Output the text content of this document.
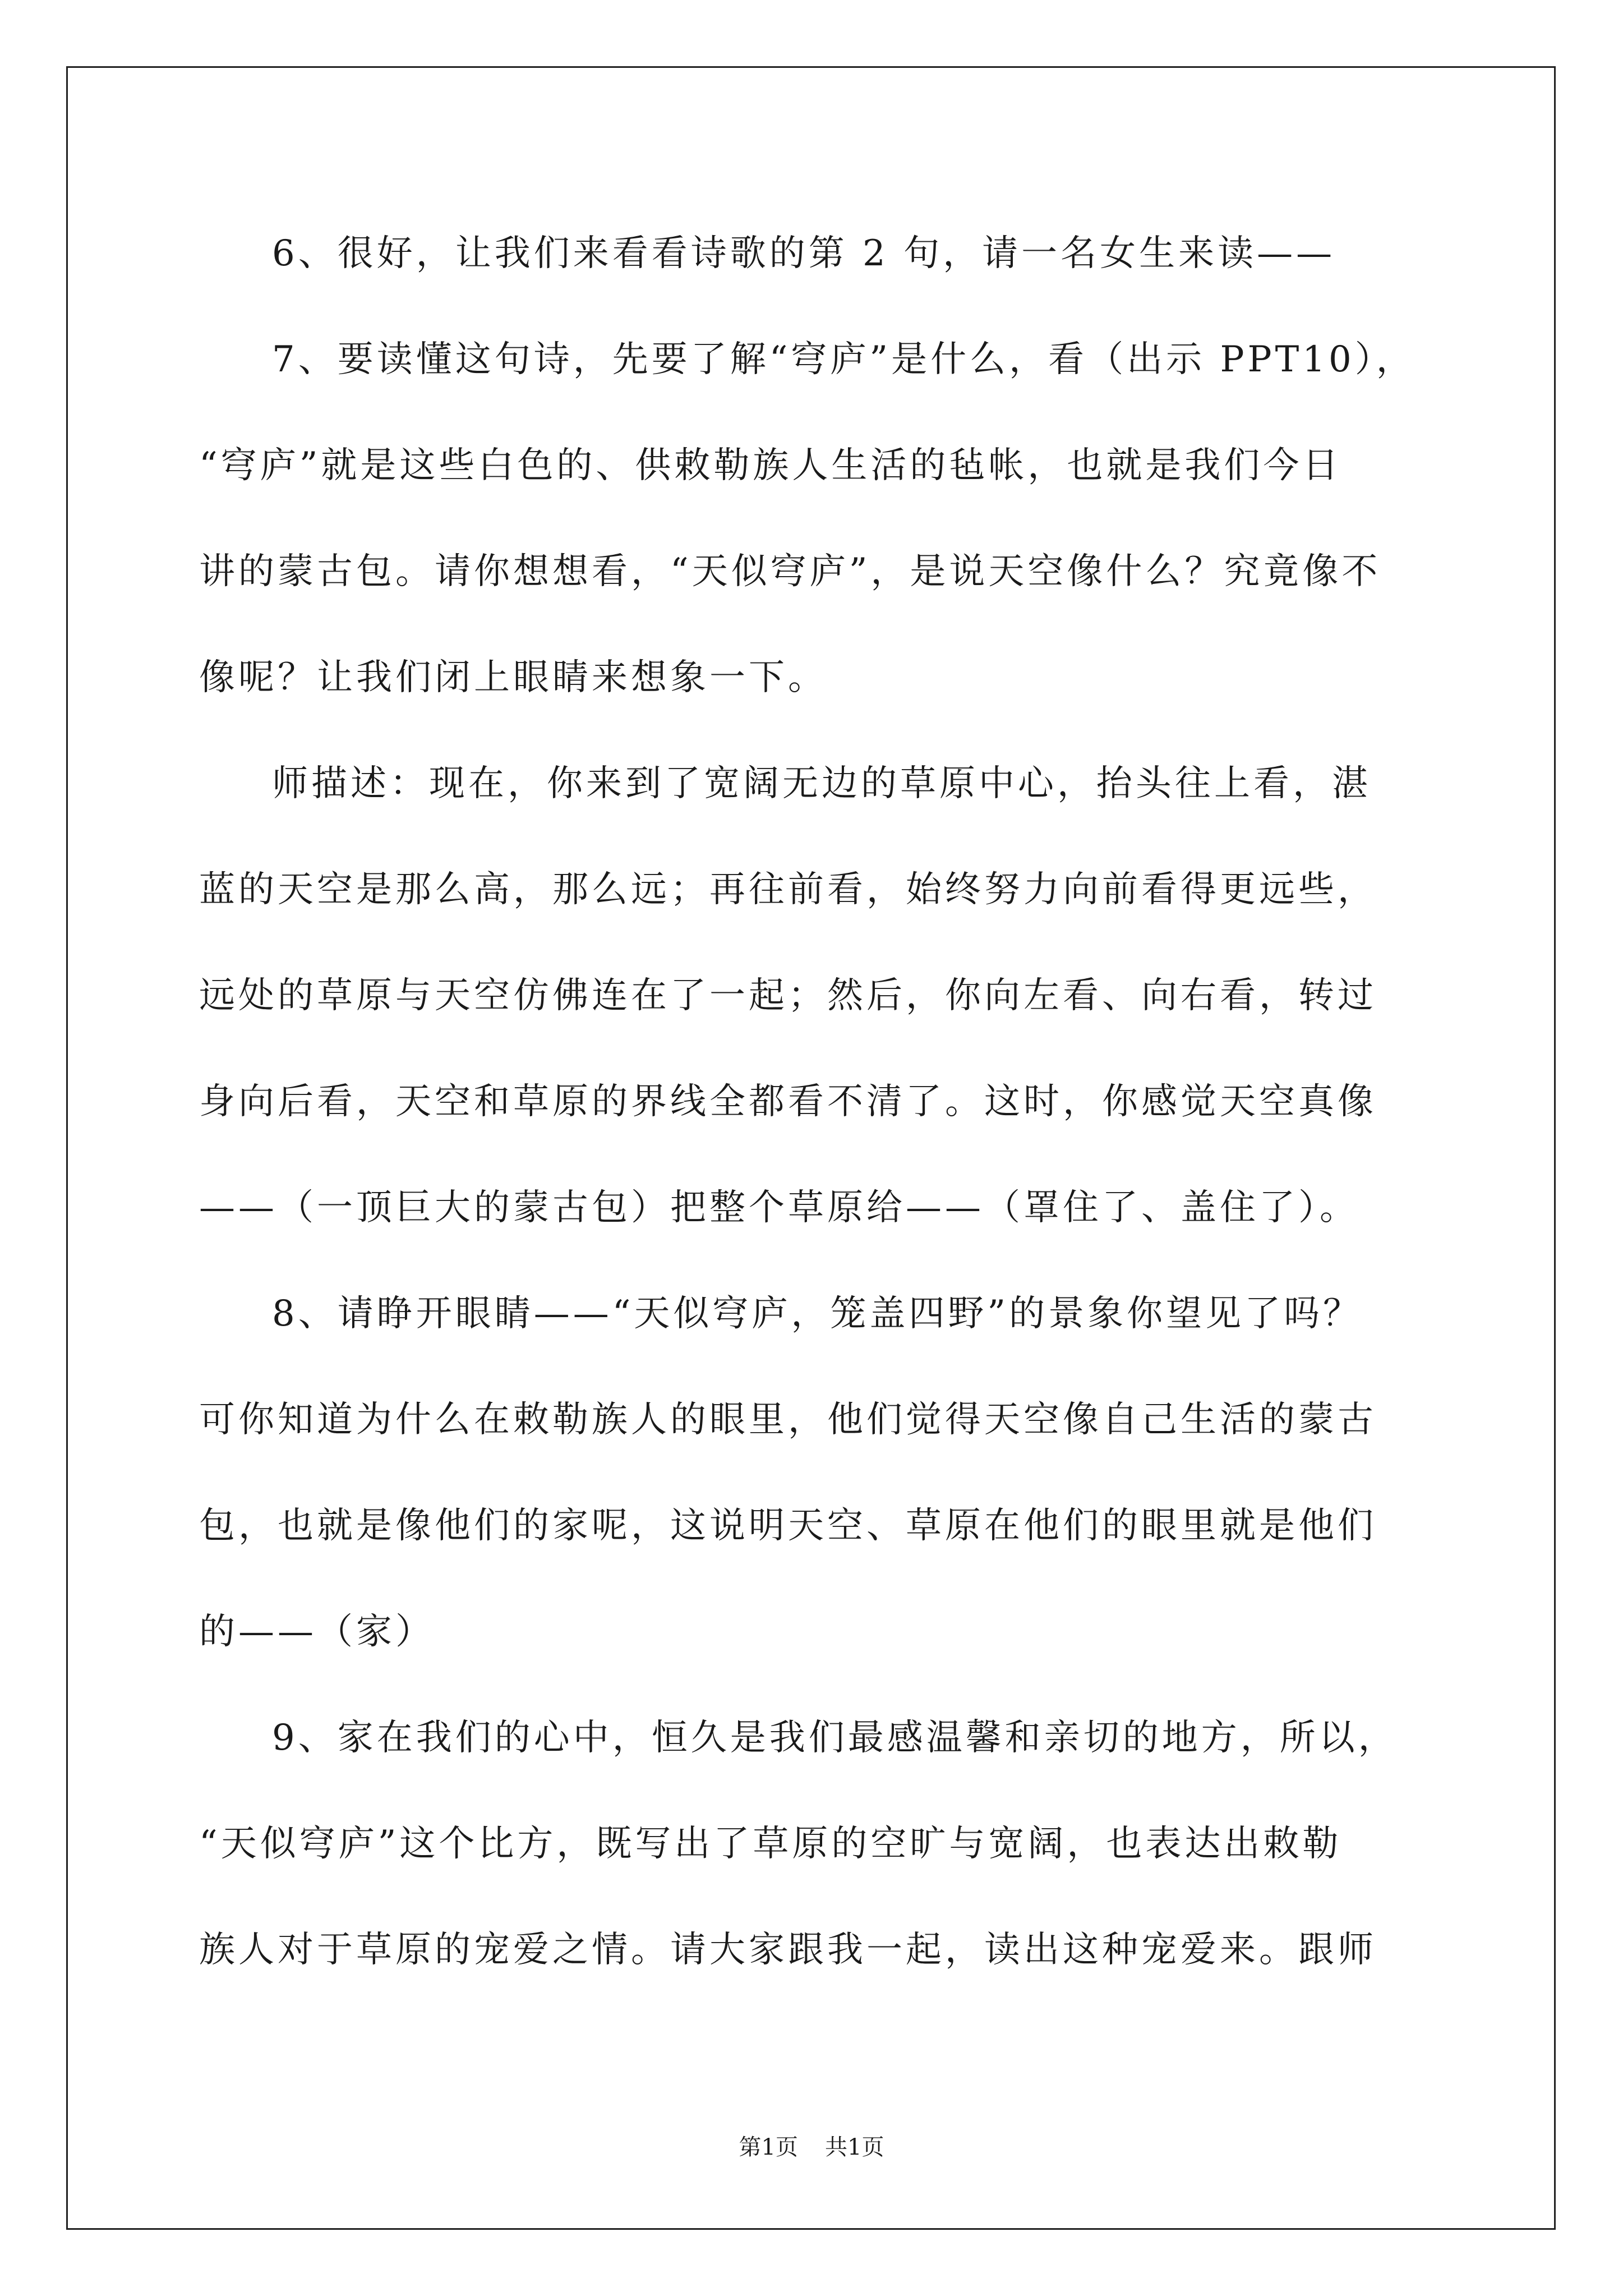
6、很好，让我们来看看诗歌的第 2 句，请一名女生来读——
7、要读懂这句诗，先要了解“穹庐”是什么，看（出示 PPT10），
“穹庐”就是这些白色的、供敕勒族人生活的毡帐，也就是我们今日
讲的蒙古包。请你想想看，“天似穹庐”，是说天空像什么？究竟像不
像呢？让我们闭上眼睛来想象一下。
师描述：现在，你来到了宽阔无边的草原中心，抬头往上看，湛
蓝的天空是那么高，那么远；再往前看，始终努力向前看得更远些，
远处的草原与天空仿佛连在了一起；然后，你向左看、向右看，转过
身向后看，天空和草原的界线全都看不清了。这时，你感觉天空真像
——（一顶巨大的蒙古包）把整个草原给——（罩住了、盖住了）。
8、请睁开眼睛——“天似穹庐，笼盖四野”的景象你望见了吗？
可你知道为什么在敕勒族人的眼里，他们觉得天空像自己生活的蒙古
包，也就是像他们的家呢，这说明天空、草原在他们的眼里就是他们
的——（家）
9、家在我们的心中，恒久是我们最感温馨和亲切的地方，所以，
“天似穹庐”这个比方，既写出了草原的空旷与宽阔，也表达出敕勒
族人对于草原的宠爱之情。请大家跟我一起，读出这种宠爱来。跟师
第1页 共1页
